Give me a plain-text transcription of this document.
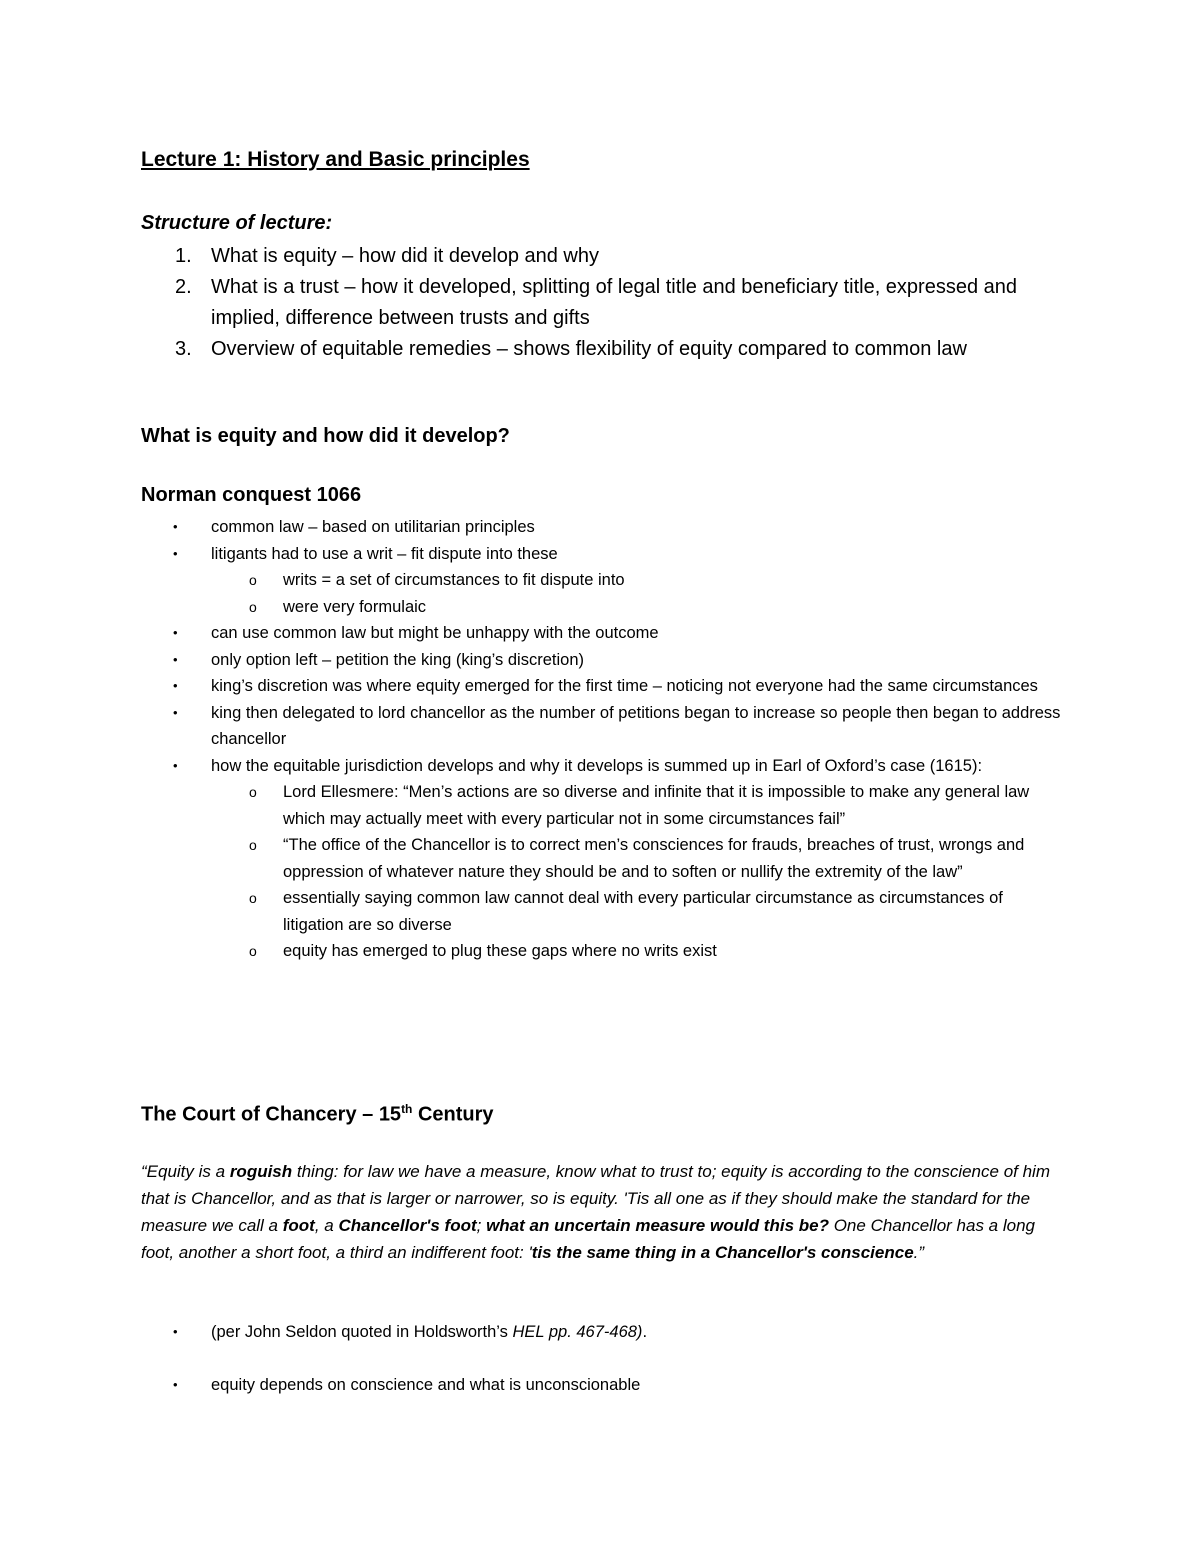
Lecture 1: History and Basic principles
Structure of lecture:
1. What is equity – how did it develop and why
2. What is a trust – how it developed, splitting of legal title and beneficiary title, expressed and implied, difference between trusts and gifts
3. Overview of equitable remedies – shows flexibility of equity compared to common law
What is equity and how did it develop?
Norman conquest 1066
• common law – based on utilitarian principles
• litigants had to use a writ – fit dispute into these
o writs = a set of circumstances to fit dispute into
o were very formulaic
• can use common law but might be unhappy with the outcome
• only option left – petition the king (king’s discretion)
• king’s discretion was where equity emerged for the first time – noticing not everyone had the same circumstances
• king then delegated to lord chancellor as the number of petitions began to increase so people then began to address chancellor
• how the equitable jurisdiction develops and why it develops is summed up in Earl of Oxford’s case (1615):
o Lord Ellesmere: “Men’s actions are so diverse and infinite that it is impossible to make any general law which may actually meet with every particular not in some circumstances fail”
o “The office of the Chancellor is to correct men’s consciences for frauds, breaches of trust, wrongs and oppression of whatever nature they should be and to soften or nullify the extremity of the law”
o essentially saying common law cannot deal with every particular circumstance as circumstances of litigation are so diverse
o equity has emerged to plug these gaps where no writs exist
The Court of Chancery – 15th Century
“Equity is a roguish thing: for law we have a measure, know what to trust to; equity is according to the conscience of him that is Chancellor, and as that is larger or narrower, so is equity. 'Tis all one as if they should make the standard for the measure we call a foot, a Chancellor's foot; what an uncertain measure would this be? One Chancellor has a long foot, another a short foot, a third an indifferent foot: 'tis the same thing in a Chancellor's conscience.”
•	(per John Seldon quoted in Holdsworth’s HEL pp. 467-468).
•	equity depends on conscience and what is unconscionable
